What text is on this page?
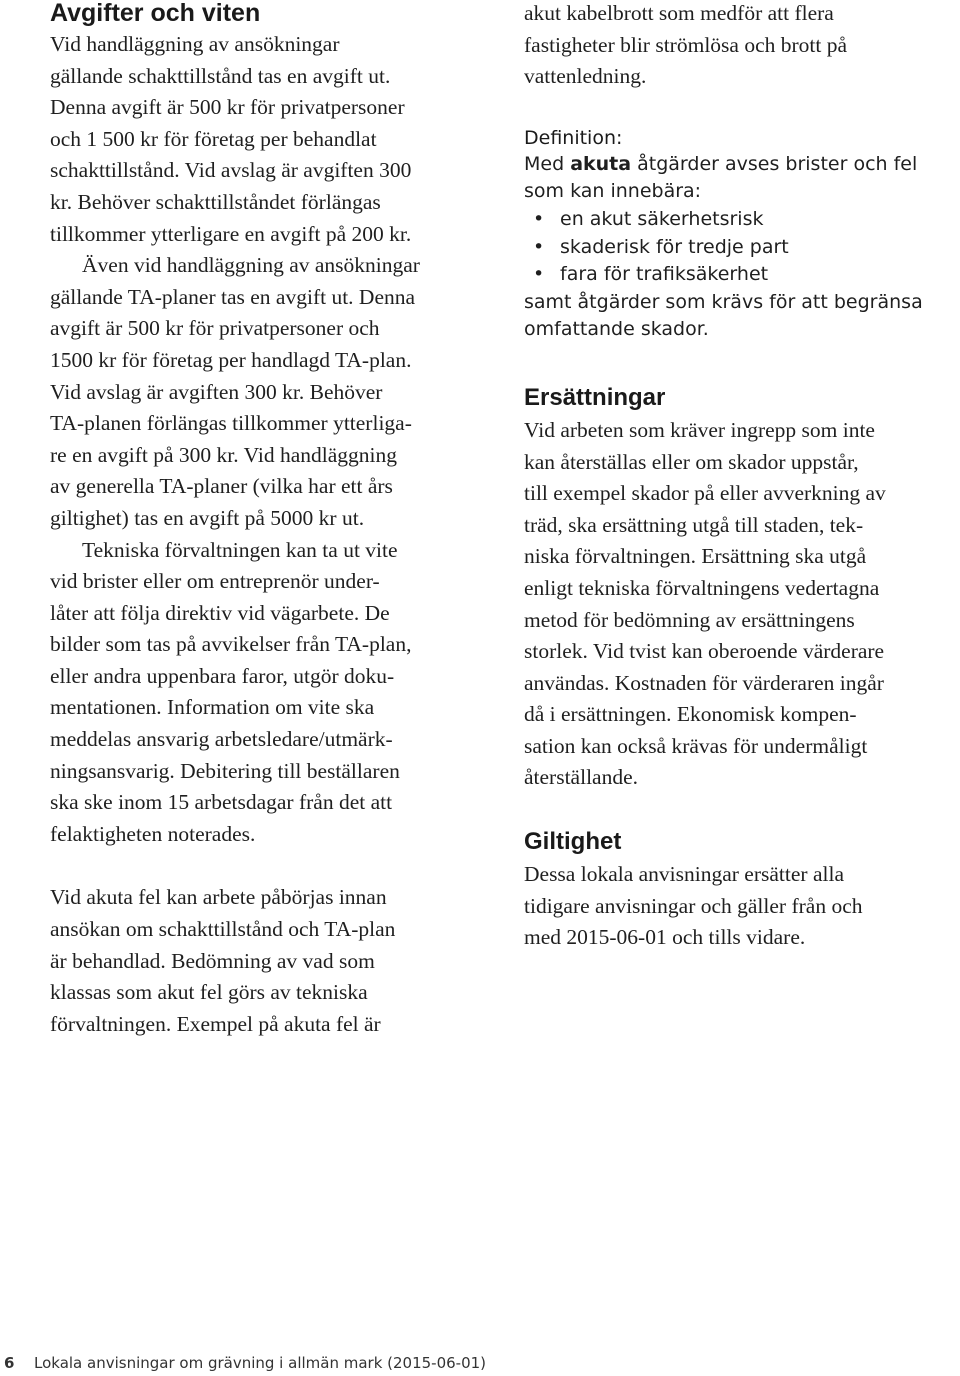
Avgifter och viten
Vid handläggning av ansökningar
gällande schakttillstånd tas en avgift ut.
Denna avgift är 500 kr för privatpersoner
och 1 500 kr för företag per behandlat
schakttillstånd. Vid avslag är avgiften 300
kr. Behöver schakttillståndet förlängas
tillkommer ytterligare en avgift på 200 kr.
Även vid handläggning av ansökningar
gällande TA-planer tas en avgift ut. Denna
avgift är 500 kr för privatpersoner och
1500 kr för företag per handlagd TA-plan.
Vid avslag är avgiften 300 kr. Behöver
TA-planen förlängas tillkommer ytterliga-
re en avgift på 300 kr. Vid handläggning
av generella TA-planer (vilka har ett års
giltighet) tas en avgift på 5000 kr ut.
Tekniska förvaltningen kan ta ut vite
vid brister eller om entreprenör under-
låter att följa direktiv vid vägarbete. De
bilder som tas på avvikelser från TA-plan,
eller andra uppenbara faror, utgör doku-
mentationen. Information om vite ska
meddelas ansvarig arbetsledare/utmärk-
ningsansvarig. Debitering till beställaren
ska ske inom 15 arbetsdagar från det att
felaktigheten noterades.
Vid akuta fel kan arbete påbörjas innan
ansökan om schakttillstånd och TA-plan
är behandlad. Bedömning av vad som
klassas som akut fel görs av tekniska
förvaltningen. Exempel på akuta fel är
akut kabelbrott som medför att flera
fastigheter blir strömlösa och brott på
vattenledning.
Definition:
Med akuta åtgärder avses brister och fel
som kan innebära:
• en akut säkerhetsrisk
• skaderisk för tredje part
• fara för trafiksäkerhet
samt åtgärder som krävs för att begränsa
omfattande skador.
Ersättningar
Vid arbeten som kräver ingrepp som inte
kan återställas eller om skador uppstår,
till exempel skador på eller avverkning av
träd, ska ersättning utgå till staden, tek-
niska förvaltningen. Ersättning ska utgå
enligt tekniska förvaltningens vedertagna
metod för bedömning av ersättningens
storlek. Vid tvist kan oberoende värderare
användas. Kostnaden för värderaren ingår
då i ersättningen. Ekonomisk kompen-
sation kan också krävas för undermåligt
återställande.
Giltighet
Dessa lokala anvisningar ersätter alla
tidigare anvisningar och gäller från och
med 2015-06-01 och tills vidare.
6 Lokala anvisningar om grävning i allmän mark (2015-06-01)
